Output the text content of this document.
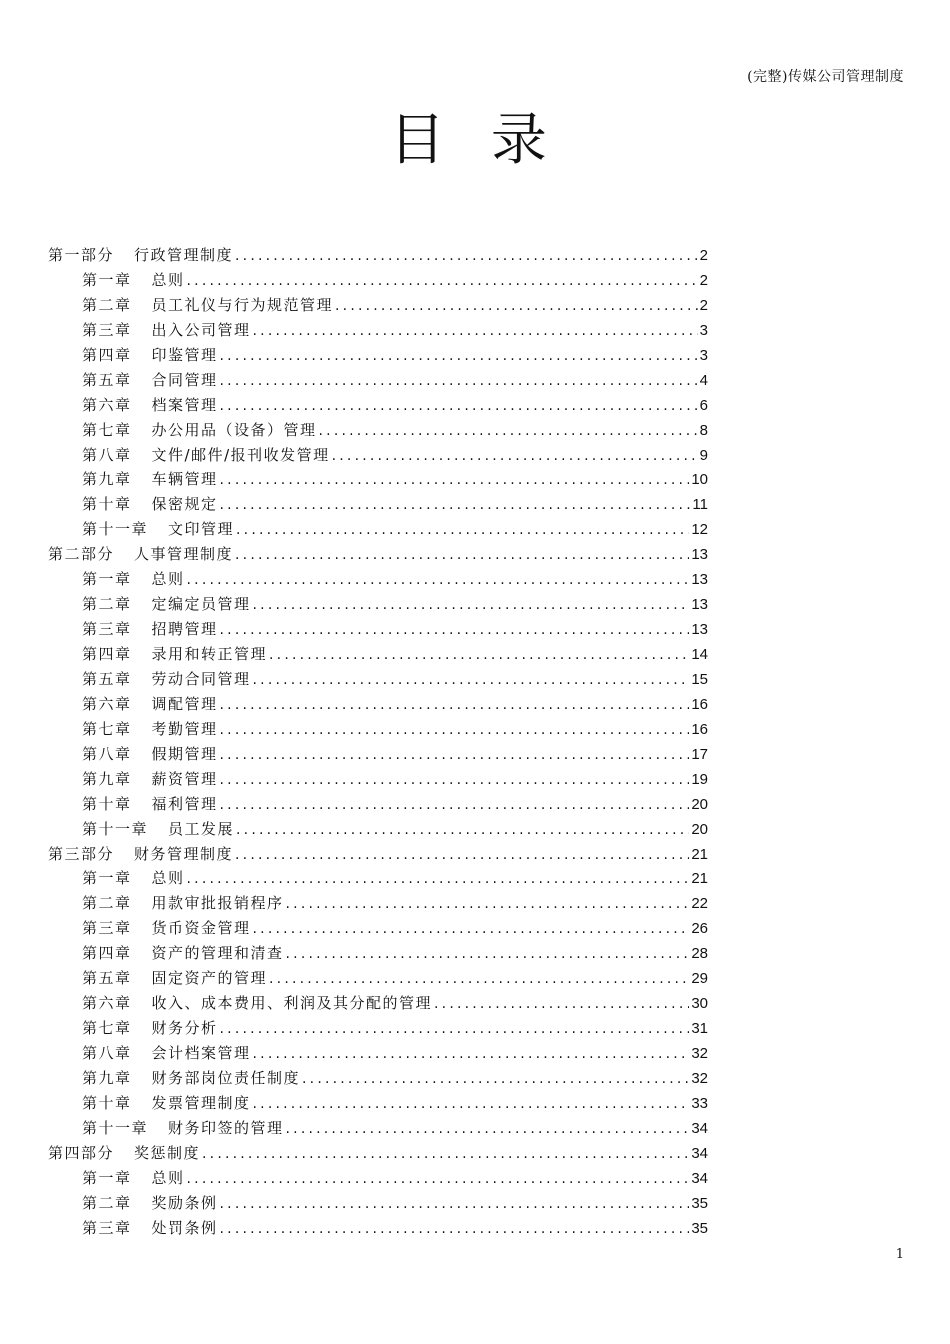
(完整)传媒公司管理制度
目 录
第一部分 行政管理制度 .....	2
第一章 总则 .....	2
第二章 员工礼仪与行为规范管理 .....	2
第三章 出入公司管理 .....	3
第四章 印鉴管理 .....	3
第五章 合同管理 .....	4
第六章 档案管理 .....	6
第七章 办公用品（设备）管理 .....	8
第八章 文件/邮件/报刊收发管理 .....	9
第九章 车辆管理 .....	10
第十章 保密规定 .....	11
第十一章 文印管理 .....	12
第二部分 人事管理制度 .....	13
第一章 总则 .....	13
第二章 定编定员管理 .....	13
第三章 招聘管理 .....	13
第四章 录用和转正管理 .....	14
第五章 劳动合同管理 .....	15
第六章 调配管理 .....	16
第七章 考勤管理 .....	16
第八章 假期管理 .....	17
第九章 薪资管理 .....	19
第十章 福利管理 .....	20
第十一章 员工发展 .....	20
第三部分 财务管理制度 .....	21
第一章 总则 .....	21
第二章 用款审批报销程序 .....	22
第三章 货币资金管理 .....	26
第四章 资产的管理和清查 .....	28
第五章 固定资产的管理 .....	29
第六章 收入、成本费用、利润及其分配的管理 .....	30
第七章 财务分析 .....	31
第八章 会计档案管理 .....	32
第九章 财务部岗位责任制度 .....	32
第十章 发票管理制度 .....	33
第十一章 财务印签的管理 .....	34
第四部分 奖惩制度 .....	34
第一章 总则 .....	34
第二章 奖励条例 .....	35
第三章 处罚条例 .....	35
1
